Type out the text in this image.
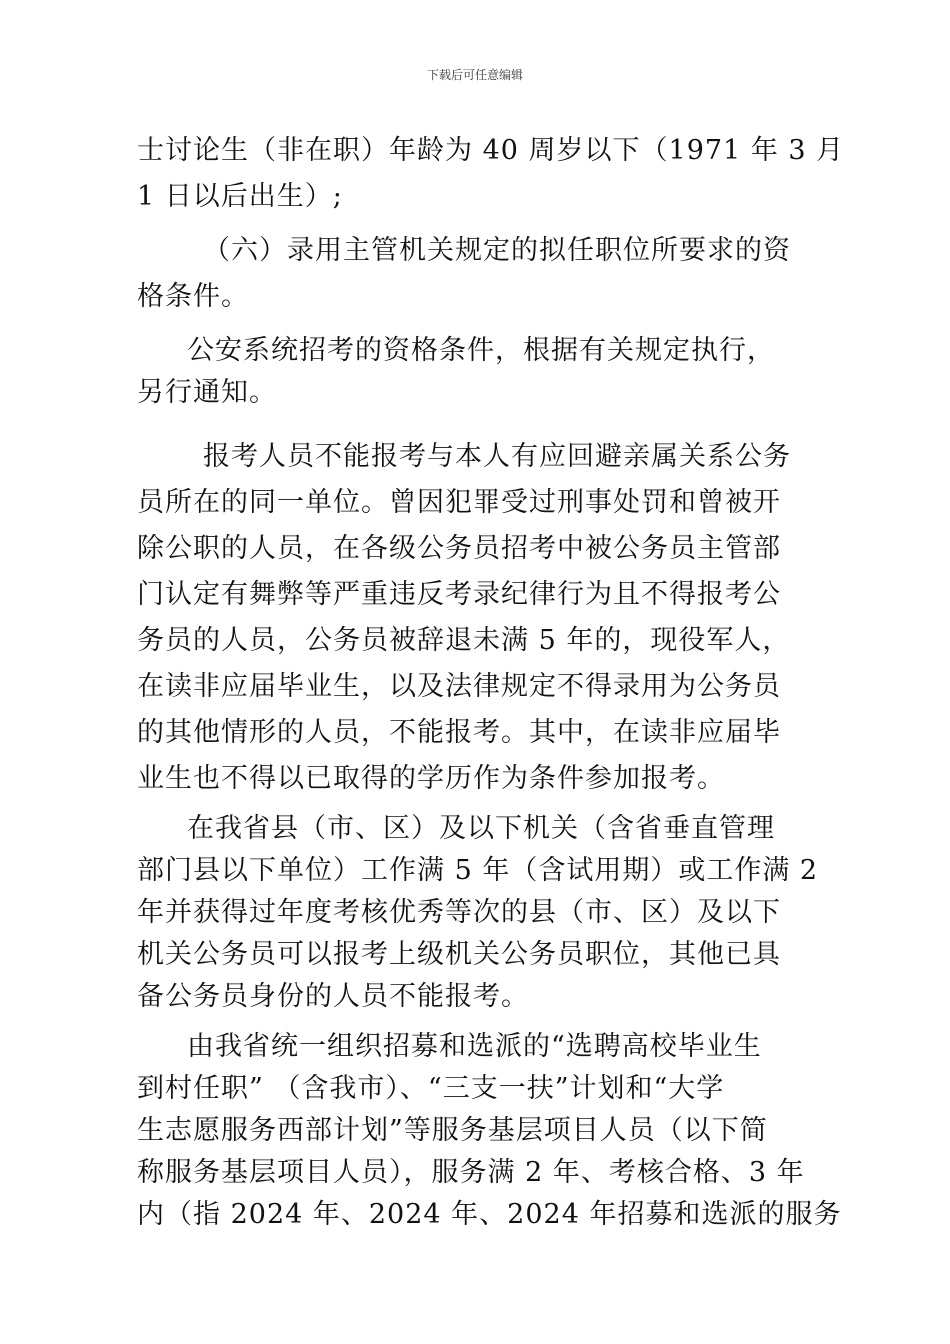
下载后可任意编辑
士讨论生（非在职）年龄为 40 周岁以下（1971 年 3 月
1 日以后出生）;
（六）录用主管机关规定的拟任职位所要求的资
格条件。
公安系统招考的资格条件，根据有关规定执行，
另行通知。
报考人员不能报考与本人有应回避亲属关系公务
员所在的同一单位。曾因犯罪受过刑事处罚和曾被开
除公职的人员，在各级公务员招考中被公务员主管部
门认定有舞弊等严重违反考录纪律行为且不得报考公
务员的人员，公务员被辞退未满 5 年的，现役军人，
在读非应届毕业生，以及法律规定不得录用为公务员
的其他情形的人员，不能报考。其中，在读非应届毕
业生也不得以已取得的学历作为条件参加报考。
在我省县（市、区）及以下机关（含省垂直管理
部门县以下单位）工作满 5 年（含试用期）或工作满 2
年并获得过年度考核优秀等次的县（市、区）及以下
机关公务员可以报考上级机关公务员职位，其他已具
备公务员身份的人员不能报考。
由我省统一组织招募和选派的“选聘高校毕业生
到村任职” （含我市）、“三支一扶”计划和“大学
生志愿服务西部计划”等服务基层项目人员（以下简
称服务基层项目人员），服务满 2 年、考核合格、3 年
内（指 2024 年、2024 年、2024 年招募和选派的服务
